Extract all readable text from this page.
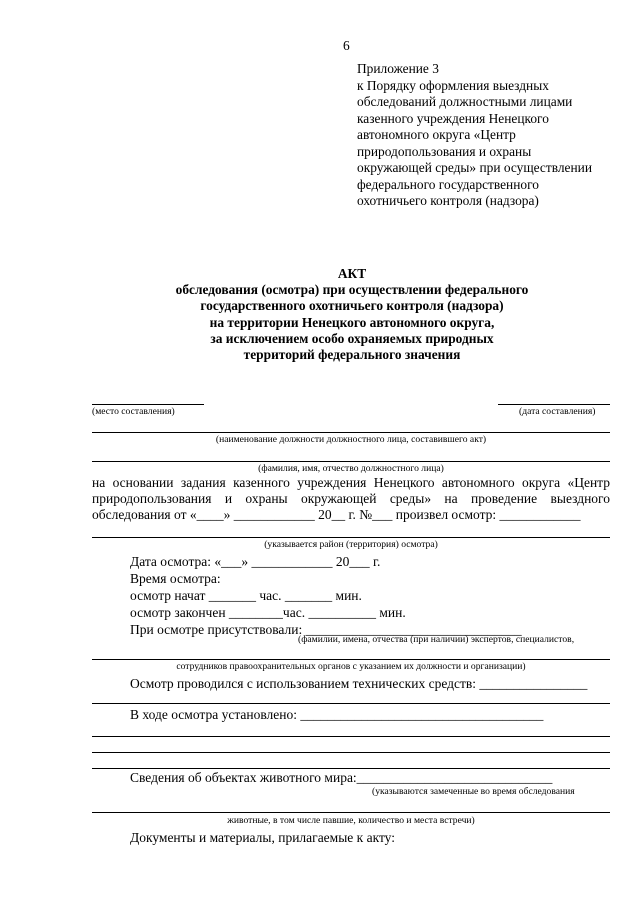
6
Приложение 3
к Порядку оформления выездных
обследований должностными лицами
казенного учреждения Ненецкого
автономного округа «Центр
природопользования и охраны
окружающей среды» при осуществлении
федерального государственного
охотничьего контроля (надзора)
АКТ
обследования (осмотра) при осуществлении федерального
государственного охотничьего контроля (надзора)
на территории Ненецкого автономного округа,
за исключением особо охраняемых природных
территорий федерального значения
(место составления)	(дата составления)
(наименование должности должностного лица, составившего акт)
(фамилия, имя, отчество должностного лица)
на основании задания казенного учреждения Ненецкого автономного округа «Центр
природопользования и охраны окружающей среды» на проведение выездного
обследования от «____» ____________ 20__ г. №___ произвел осмотр: ____________
(указывается район (территория) осмотра)
Дата осмотра: «___» ____________ 20___ г.
Время осмотра:
осмотр начат _______ час. _______ мин.
осмотр закончен ________час. __________ мин.
При осмотре присутствовали: ________________________________
(фамилии, имена, отчества (при наличии) экспертов, специалистов,
сотрудников правоохранительных органов с указанием их должности и организации)
Осмотр проводился с использованием технических средств: ________________
В ходе осмотра установлено: ____________________________________
Сведения об объектах животного мира:_____________________________
(указываются замеченные во время обследования
животные, в том числе павшие, количество и места встречи)
Документы и материалы, прилагаемые к акту:
